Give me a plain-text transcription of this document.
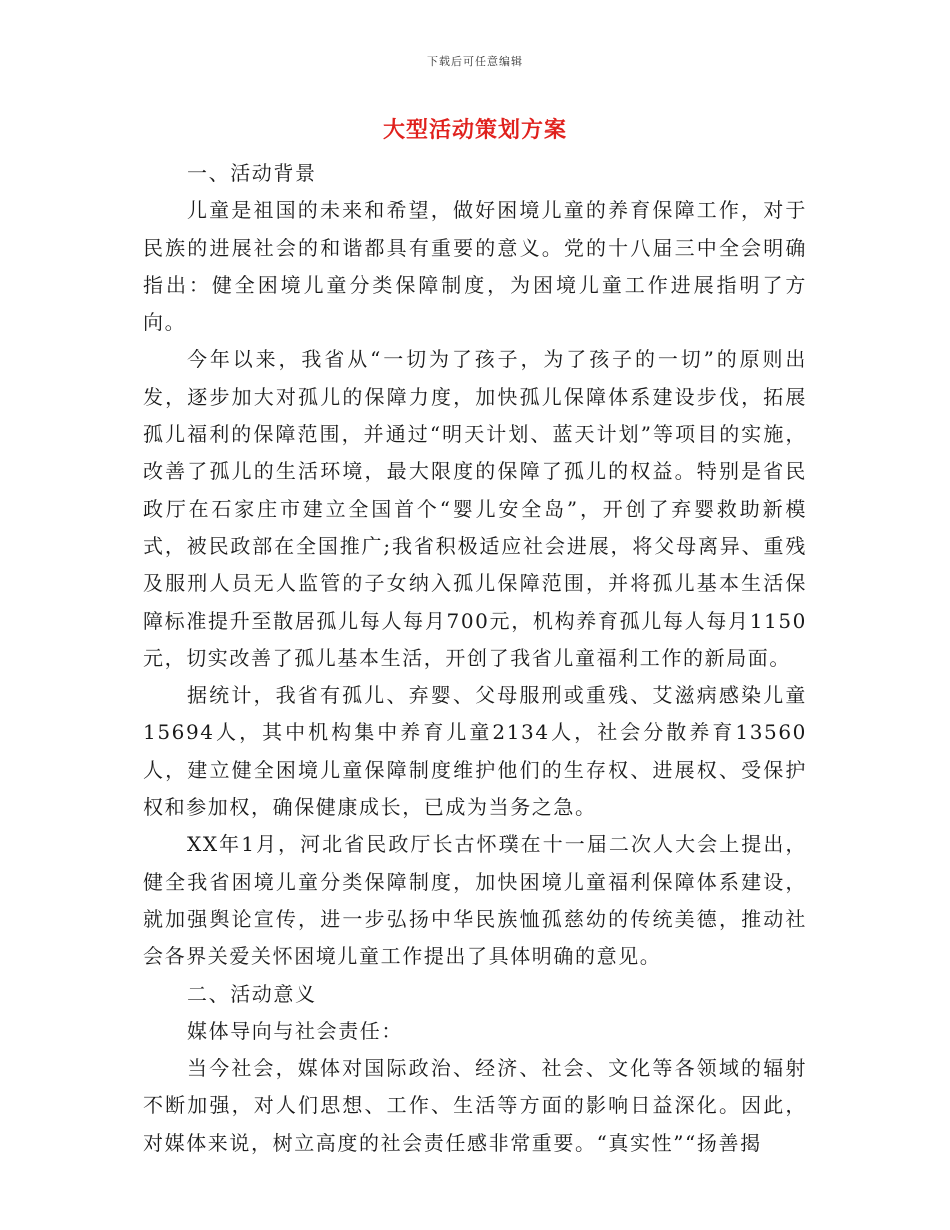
下载后可任意编辑
大型活动策划方案

一、活动背景

儿童是祖国的未来和希望，做好困境儿童的养育保障工作，对于民族的进展社会的和谐都具有重要的意义。党的十八届三中全会明确指出：健全困境儿童分类保障制度，为困境儿童工作进展指明了方向。

今年以来，我省从“一切为了孩子，为了孩子的一切”的原则出发，逐步加大对孤儿的保障力度，加快孤儿保障体系建设步伐，拓展孤儿福利的保障范围，并通过“明天计划、蓝天计划”等项目的实施，改善了孤儿的生活环境，最大限度的保障了孤儿的权益。特别是省民政厅在石家庄市建立全国首个“婴儿安全岛”，开创了弃婴救助新模式，被民政部在全国推广;我省积极适应社会进展，将父母离异、重残及服刑人员无人监管的子女纳入孤儿保障范围，并将孤儿基本生活保障标准提升至散居孤儿每人每月700元，机构养育孤儿每人每月1150元，切实改善了孤儿基本生活，开创了我省儿童福利工作的新局面。

据统计，我省有孤儿、弃婴、父母服刑或重残、艾滋病感染儿童15694人，其中机构集中养育儿童2134人，社会分散养育13560人，建立健全困境儿童保障制度维护他们的生存权、进展权、受保护权和参加权，确保健康成长，已成为当务之急。

XX年1月，河北省民政厅长古怀璞在十一届二次人大会上提出，健全我省困境儿童分类保障制度，加快困境儿童福利保障体系建设，就加强舆论宣传，进一步弘扬中华民族恤孤慈幼的传统美德，推动社会各界关爱关怀困境儿童工作提出了具体明确的意见。

二、活动意义

媒体导向与社会责任：

当今社会，媒体对国际政治、经济、社会、文化等各领域的辐射不断加强，对人们思想、工作、生活等方面的影响日益深化。因此，对媒体来说，树立高度的社会责任感非常重要。“真实性”“扬善揭
